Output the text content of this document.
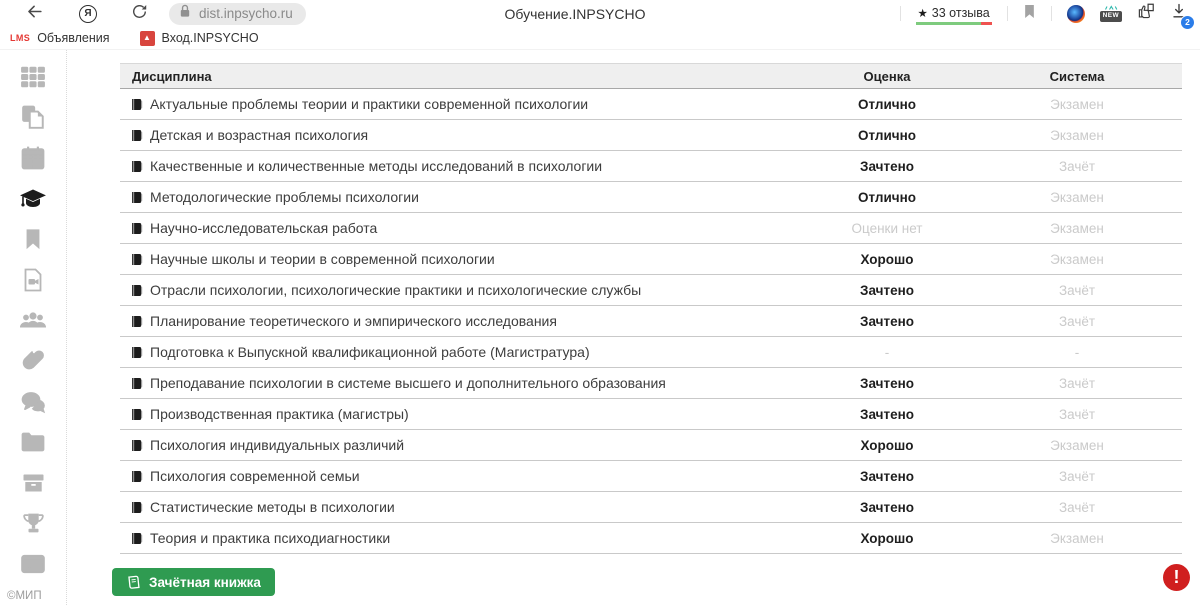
Я	dist.inpsycho.ru	Обучение.INPSYCHO	★ 33 отзыва	NEW
2
LMS Объявления	▲ Вход.INPSYCHO
©МИП
Дисциплина	Оценка	Система
Актуальные проблемы теории и практики современной психологии	Отлично	Экзамен
Детская и возрастная психология	Отлично	Экзамен
Качественные и количественные методы исследований в психологии	Зачтено	Зачёт
Методологические проблемы психологии	Отлично	Экзамен
Научно-исследовательская работа	Оценки нет	Экзамен
Научные школы и теории в современной психологии	Хорошо	Экзамен
Отрасли психологии, психологические практики и психологические службы	Зачтено	Зачёт
Планирование теоретического и эмпирического исследования	Зачтено	Зачёт
Подготовка к Выпускной квалификационной работе (Магистратура)	-	-
Преподавание психологии в системе высшего и дополнительного образования	Зачтено	Зачёт
Производственная практика (магистры)	Зачтено	Зачёт
Психология индивидуальных различий	Хорошо	Экзамен
Психология современной семьи	Зачтено	Зачёт
Статистические методы в психологии	Зачтено	Зачёт
Теория и практика психодиагностики	Хорошо	Экзамен
Зачётная книжка	!
